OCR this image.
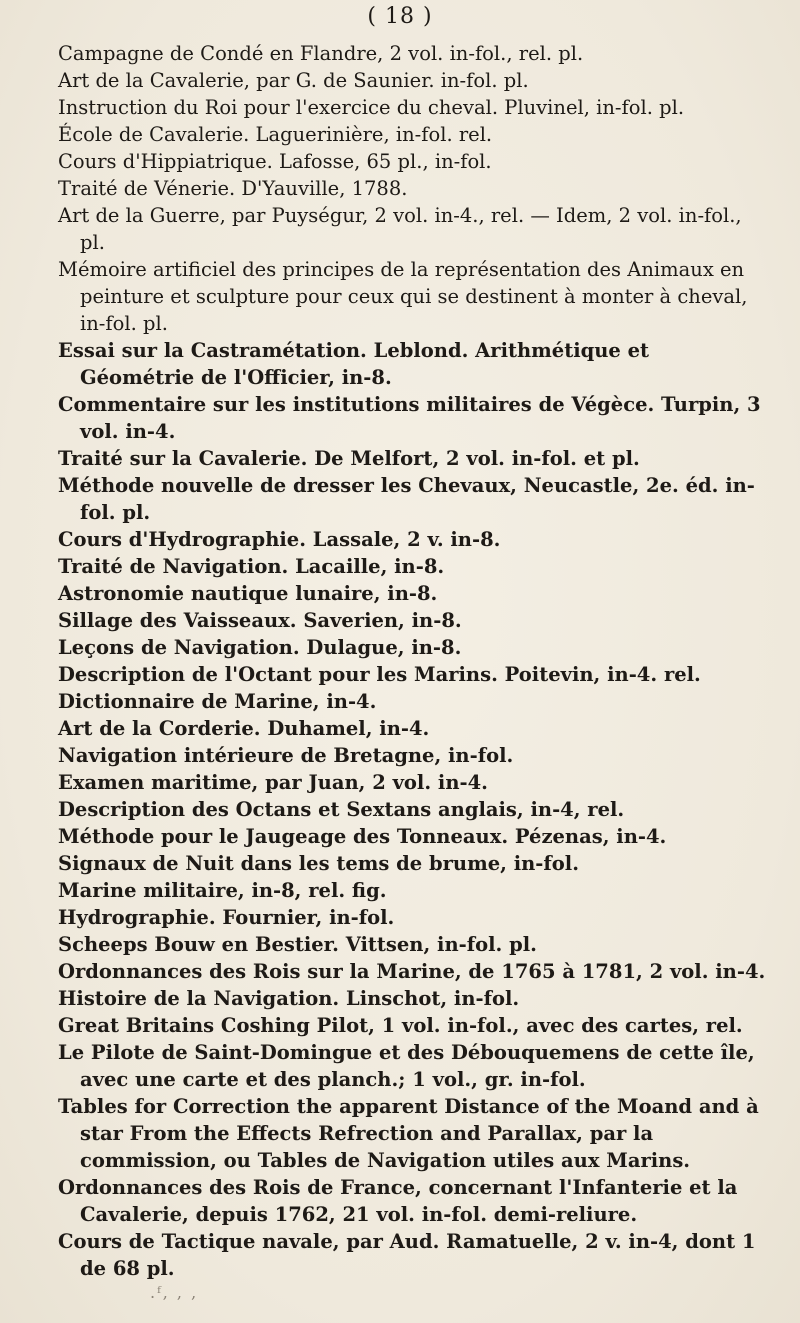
( 18 )
Campagne de Condé en Flandre, 2 vol. in-fol., rel. pl.
Art de la Cavalerie, par G. de Saunier. in-fol. pl.
Instruction du Roi pour l'exercice du cheval. Pluvinel, in-fol. pl.
École de Cavalerie. Laguerinière, in-fol. rel.
Cours d'Hippiatrique. Lafosse, 65 pl., in-fol.
Traité de Vénerie. D'Yauville, 1788.
Art de la Guerre, par Puységur, 2 vol. in-4., rel. — Idem, 2 vol. in-fol., pl.
Mémoire artificiel des principes de la représentation des Animaux en peinture et sculpture pour ceux qui se destinent à monter à cheval, in-fol. pl.
Essai sur la Castramétation. Leblond. Arithmétique et Géométrie de l'Officier, in-8.
Commentaire sur les institutions militaires de Végèce. Turpin, 3 vol. in-4.
Traité sur la Cavalerie. De Melfort, 2 vol. in-fol. et pl.
Méthode nouvelle de dresser les Chevaux, Neucastle, 2e. éd. in-fol. pl.
Cours d'Hydrographie. Lassale, 2 v. in-8.
Traité de Navigation. Lacaille, in-8.
Astronomie nautique lunaire, in-8.
Sillage des Vaisseaux. Saverien, in-8.
Leçons de Navigation. Dulague, in-8.
Description de l'Octant pour les Marins. Poitevin, in-4. rel.
Dictionnaire de Marine, in-4.
Art de la Corderie. Duhamel, in-4.
Navigation intérieure de Bretagne, in-fol.
Examen maritime, par Juan, 2 vol. in-4.
Description des Octans et Sextans anglais, in-4, rel.
Méthode pour le Jaugeage des Tonneaux. Pézenas, in-4.
Signaux de Nuit dans les tems de brume, in-fol.
Marine militaire, in-8, rel. fig.
Hydrographie. Fournier, in-fol.
Scheeps Bouw en Bestier. Vittsen, in-fol. pl.
Ordonnances des Rois sur la Marine, de 1765 à 1781, 2 vol. in-4.
Histoire de la Navigation. Linschot, in-fol.
Great Britains Coshing Pilot, 1 vol. in-fol., avec des cartes, rel.
Le Pilote de Saint-Domingue et des Débouquemens de cette île, avec une carte et des planch.; 1 vol., gr. in-fol.
Tables for Correction the apparent Distance of the Moand and à star From the Effects Refrection and Parallax, par la commission, ou Tables de Navigation utiles aux Marins.
Ordonnances des Rois de France, concernant l'Infanterie et la Cavalerie, depuis 1762, 21 vol. in-fol. demi-reliure.
Cours de Tactique navale, par Aud. Ramatuelle, 2 v. in-4, dont 1 de 68 pl.
.ᶠ‚ ‚ ‚
